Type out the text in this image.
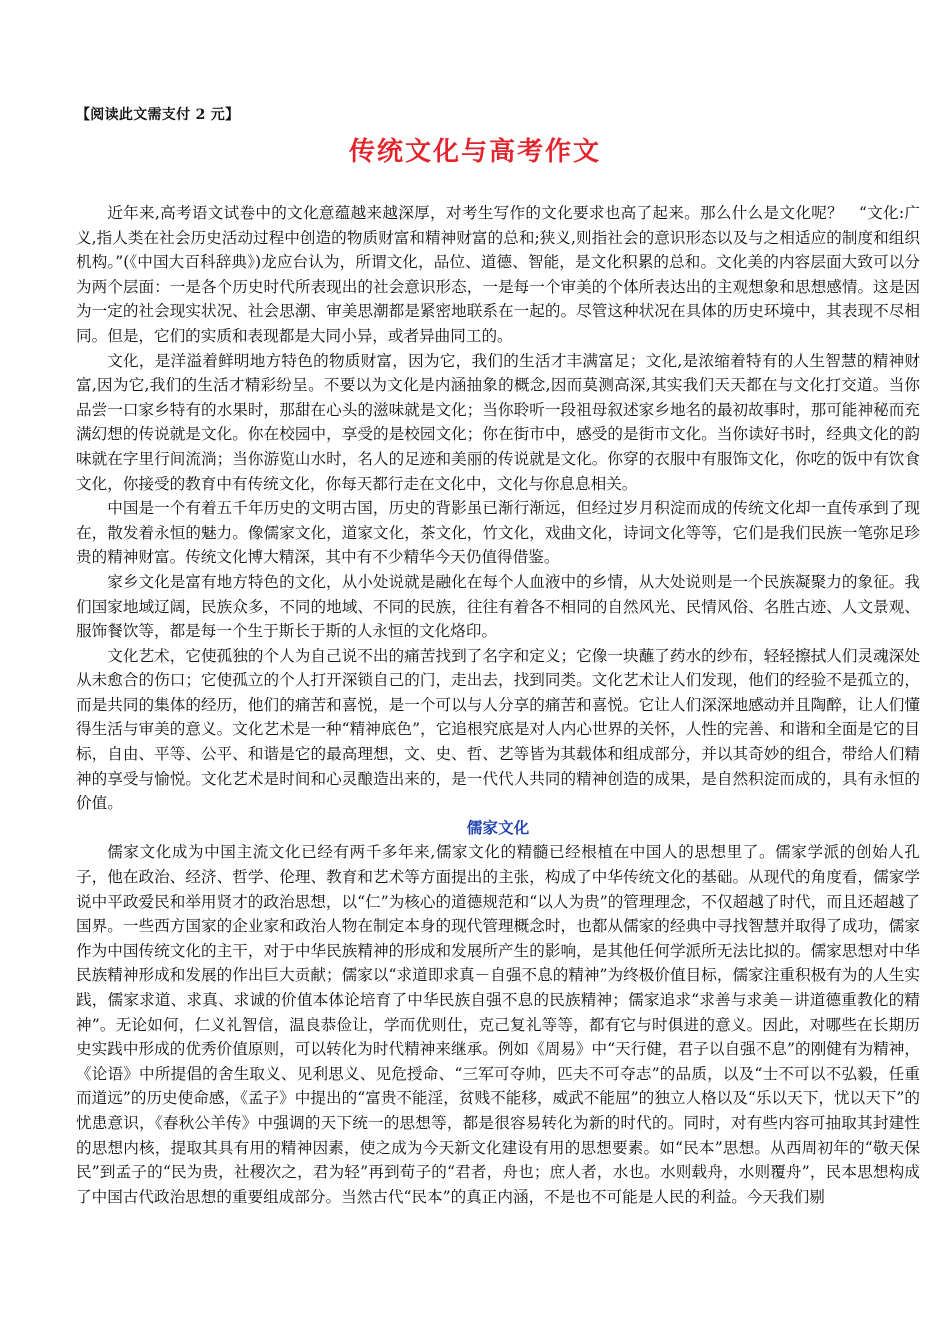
【阅读此文需支付 2 元】
传统文化与高考作文

近年来,高考语文试卷中的文化意蕴越来越深厚，对考生写作的文化要求也高了起来。那么什么是文化呢？　“文化:广义,指人类在社会历史活动过程中创造的物质财富和精神财富的总和;狭义,则指社会的意识形态以及与之相适应的制度和组织机构。”(《中国大百科辞典》)龙应台认为，所谓文化，品位、道德、智能，是文化积累的总和。文化美的内容层面大致可以分为两个层面：一是各个历史时代所表现出的社会意识形态，一是每一个审美的个体所表达出的主观想象和思想感情。这是因为一定的社会现实状况、社会思潮、审美思潮都是紧密地联系在一起的。尽管这种状况在具体的历史环境中，其表现不尽相同。但是，它们的实质和表现都是大同小异，或者异曲同工的。

文化，是洋溢着鲜明地方特色的物质财富，因为它，我们的生活才丰满富足；文化,是浓缩着特有的人生智慧的精神财富,因为它,我们的生活才精彩纷呈。不要以为文化是内涵抽象的概念,因而莫测高深,其实我们天天都在与文化打交道。当你品尝一口家乡特有的水果时，那甜在心头的滋味就是文化；当你聆听一段祖母叙述家乡地名的最初故事时，那可能神秘而充满幻想的传说就是文化。你在校园中，享受的是校园文化；你在街市中，感受的是街市文化。当你读好书时，经典文化的韵味就在字里行间流淌；当你游览山水时，名人的足迹和美丽的传说就是文化。你穿的衣服中有服饰文化，你吃的饭中有饮食文化，你接受的教育中有传统文化，你每天都行走在文化中，文化与你息息相关。

中国是一个有着五千年历史的文明古国，历史的背影虽已渐行渐远，但经过岁月积淀而成的传统文化却一直传承到了现在，散发着永恒的魅力。像儒家文化，道家文化，茶文化，竹文化，戏曲文化，诗词文化等等，它们是我们民族一笔弥足珍贵的精神财富。传统文化博大精深，其中有不少精华今天仍值得借鉴。

家乡文化是富有地方特色的文化，从小处说就是融化在每个人血液中的乡情，从大处说则是一个民族凝聚力的象征。我们国家地域辽阔，民族众多，不同的地域、不同的民族，往往有着各不相同的自然风光、民情风俗、名胜古迹、人文景观、服饰餐饮等，都是每一个生于斯长于斯的人永恒的文化烙印。

文化艺术，它使孤独的个人为自己说不出的痛苦找到了名字和定义；它像一块蘸了药水的纱布，轻轻擦拭人们灵魂深处从未愈合的伤口；它使孤立的个人打开深锁自己的门，走出去，找到同类。文化艺术让人们发现，他们的经验不是孤立的，而是共同的集体的经历，他们的痛苦和喜悦，是一个可以与人分享的痛苦和喜悦。它让人们深深地感动并且陶醉，让人们懂得生活与审美的意义。文化艺术是一种“精神底色”，它追根究底是对人内心世界的关怀，人性的完善、和谐和全面是它的目标，自由、平等、公平、和谐是它的最高理想，文、史、哲、艺等皆为其载体和组成部分，并以其奇妙的组合，带给人们精神的享受与愉悦。文化艺术是时间和心灵酿造出来的，是一代代人共同的精神创造的成果，是自然积淀而成的，具有永恒的价值。

儒家文化

儒家文化成为中国主流文化已经有两千多年来,儒家文化的精髓已经根植在中国人的思想里了。儒家学派的创始人孔子，他在政治、经济、哲学、伦理、教育和艺术等方面提出的主张，构成了中华传统文化的基础。从现代的角度看，儒家学说中平政爱民和举用贤才的政治思想，以“仁”为核心的道德规范和“以人为贵”的管理理念，不仅超越了时代，而且还超越了国界。一些西方国家的企业家和政治人物在制定本身的现代管理概念时，也都从儒家的经典中寻找智慧并取得了成功，儒家作为中国传统文化的主干，对于中华民族精神的形成和发展所产生的影响，是其他任何学派所无法比拟的。儒家思想对中华民族精神形成和发展的作出巨大贡献；儒家以“求道即求真－自强不息的精神”为终极价值目标，儒家注重积极有为的人生实践，儒家求道、求真、求诚的价值本体论培育了中华民族自强不息的民族精神；儒家追求“求善与求美－讲道德重教化的精神”。无论如何，仁义礼智信，温良恭俭让，学而优则仕，克己复礼等等，都有它与时俱进的意义。因此，对哪些在长期历史实践中形成的优秀价值原则，可以转化为时代精神来继承。例如《周易》中“天行健，君子以自强不息”的刚健有为精神，《论语》中所提倡的舍生取义、见利思义、见危授命、“三军可夺帅，匹夫不可夺志”的品质，以及“士不可以不弘毅，任重而道远”的历史使命感，《孟子》中提出的“富贵不能淫，贫贱不能移，威武不能屈”的独立人格以及“乐以天下，忧以天下”的忧患意识，《春秋公羊传》中强调的天下统一的思想等，都是很容易转化为新的时代的。同时，对有些内容可抽取其封建性的思想内核，提取其具有用的精神因素，使之成为今天新文化建设有用的思想要素。如“民本”思想。从西周初年的“敬天保民”到孟子的“民为贵，社稷次之，君为轻”再到荀子的“君者，舟也；庶人者，水也。水则载舟，水则覆舟”，民本思想构成了中国古代政治思想的重要组成部分。当然古代“民本”的真正内涵，不是也不可能是人民的利益。今天我们剔
